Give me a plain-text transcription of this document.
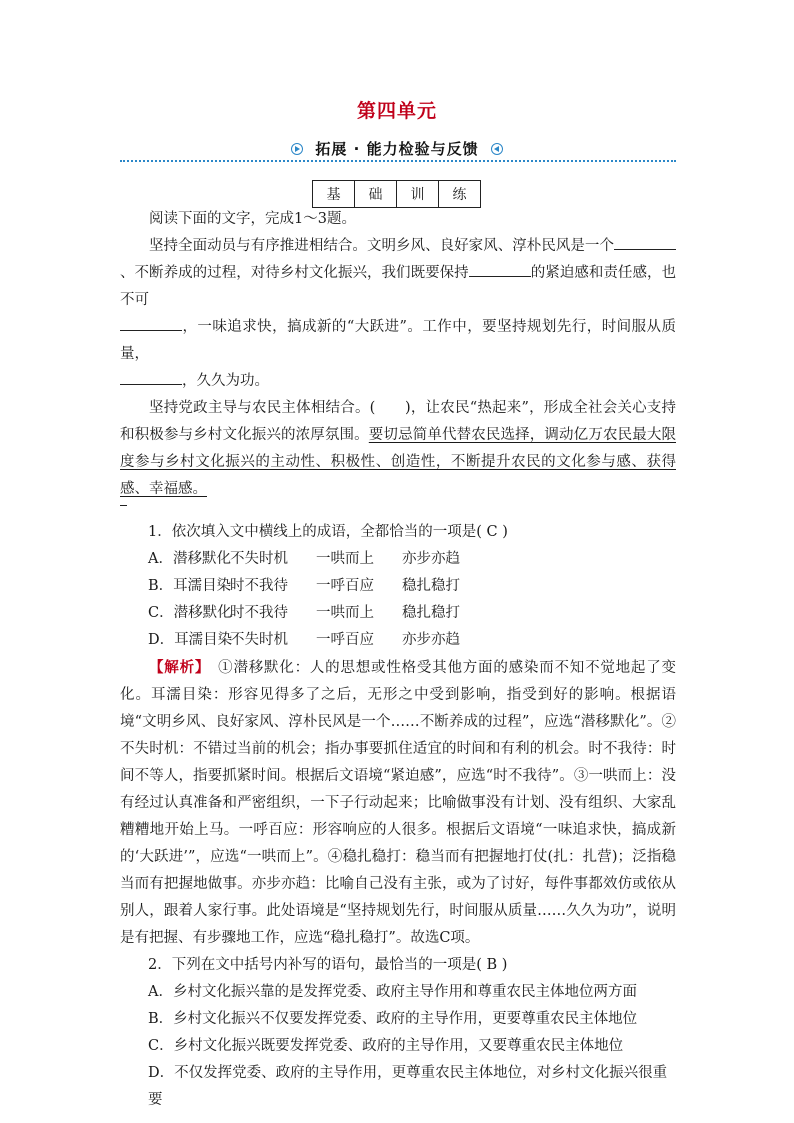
第四单元
拓展 · 能力检验与反馈
基	础	训	练

阅读下面的文字，完成1～3题。

坚持全面动员与有序推进相结合。文明乡风、良好家风、淳朴民风是一个、不断养成的过程，对待乡村文化振兴，我们既要保持	的紧迫感和责任感，也不可
，一味追求快，搞成新的“大跃进”。工作中，要坚持规划先行，时间服从质量，
，久久为功。

坚持党政主导与农民主体相结合。(　　)，让农民“热起来”，形成全社会关心支持和积极参与乡村文化振兴的浓厚氛围。要切忌简单代替农民选择，调动亿万农民最大限度参与乡村文化振兴的主动性、积极性、创造性，不断提升农民的文化参与感、获得感、幸福感。

1．依次填入文中横线上的成语，全都恰当的一项是( C )

A．潜移默化不失时机 一哄而上 亦步亦趋

B．耳濡目染时不我待 一呼百应 稳扎稳打

C．潜移默化时不我待 一哄而上 稳扎稳打

D．耳濡目染不失时机 一呼百应 亦步亦趋

【解析】 ①潜移默化：人的思想或性格受其他方面的感染而不知不觉地起了变化。耳濡目染：形容见得多了之后，无形之中受到影响，指受到好的影响。根据语境“文明乡风、良好家风、淳朴民风是一个……不断养成的过程”，应选“潜移默化”。②不失时机：不错过当前的机会；指办事要抓住适宜的时间和有利的机会。时不我待：时间不等人，指要抓紧时间。根据后文语境“紧迫感”，应选“时不我待”。③一哄而上：没有经过认真准备和严密组织，一下子行动起来；比喻做事没有计划、没有组织、大家乱糟糟地开始上马。一呼百应：形容响应的人很多。根据后文语境“一味追求快，搞成新的‘大跃进’”，应选“一哄而上”。④稳扎稳打：稳当而有把握地打仗(扎：扎营)；泛指稳当而有把握地做事。亦步亦趋：比喻自己没有主张，或为了讨好，每件事都效仿或依从别人，跟着人家行事。此处语境是“坚持规划先行，时间服从质量……久久为功”，说明是有把握、有步骤地工作，应选“稳扎稳打”。故选C项。

2．下列在文中括号内补写的语句，最恰当的一项是( B )

A．乡村文化振兴靠的是发挥党委、政府主导作用和尊重农民主体地位两方面

B．乡村文化振兴不仅要发挥党委、政府的主导作用，更要尊重农民主体地位

C．乡村文化振兴既要发挥党委、政府的主导作用，又要尊重农民主体地位

D．不仅发挥党委、政府的主导作用，更尊重农民主体地位，对乡村文化振兴很重要
